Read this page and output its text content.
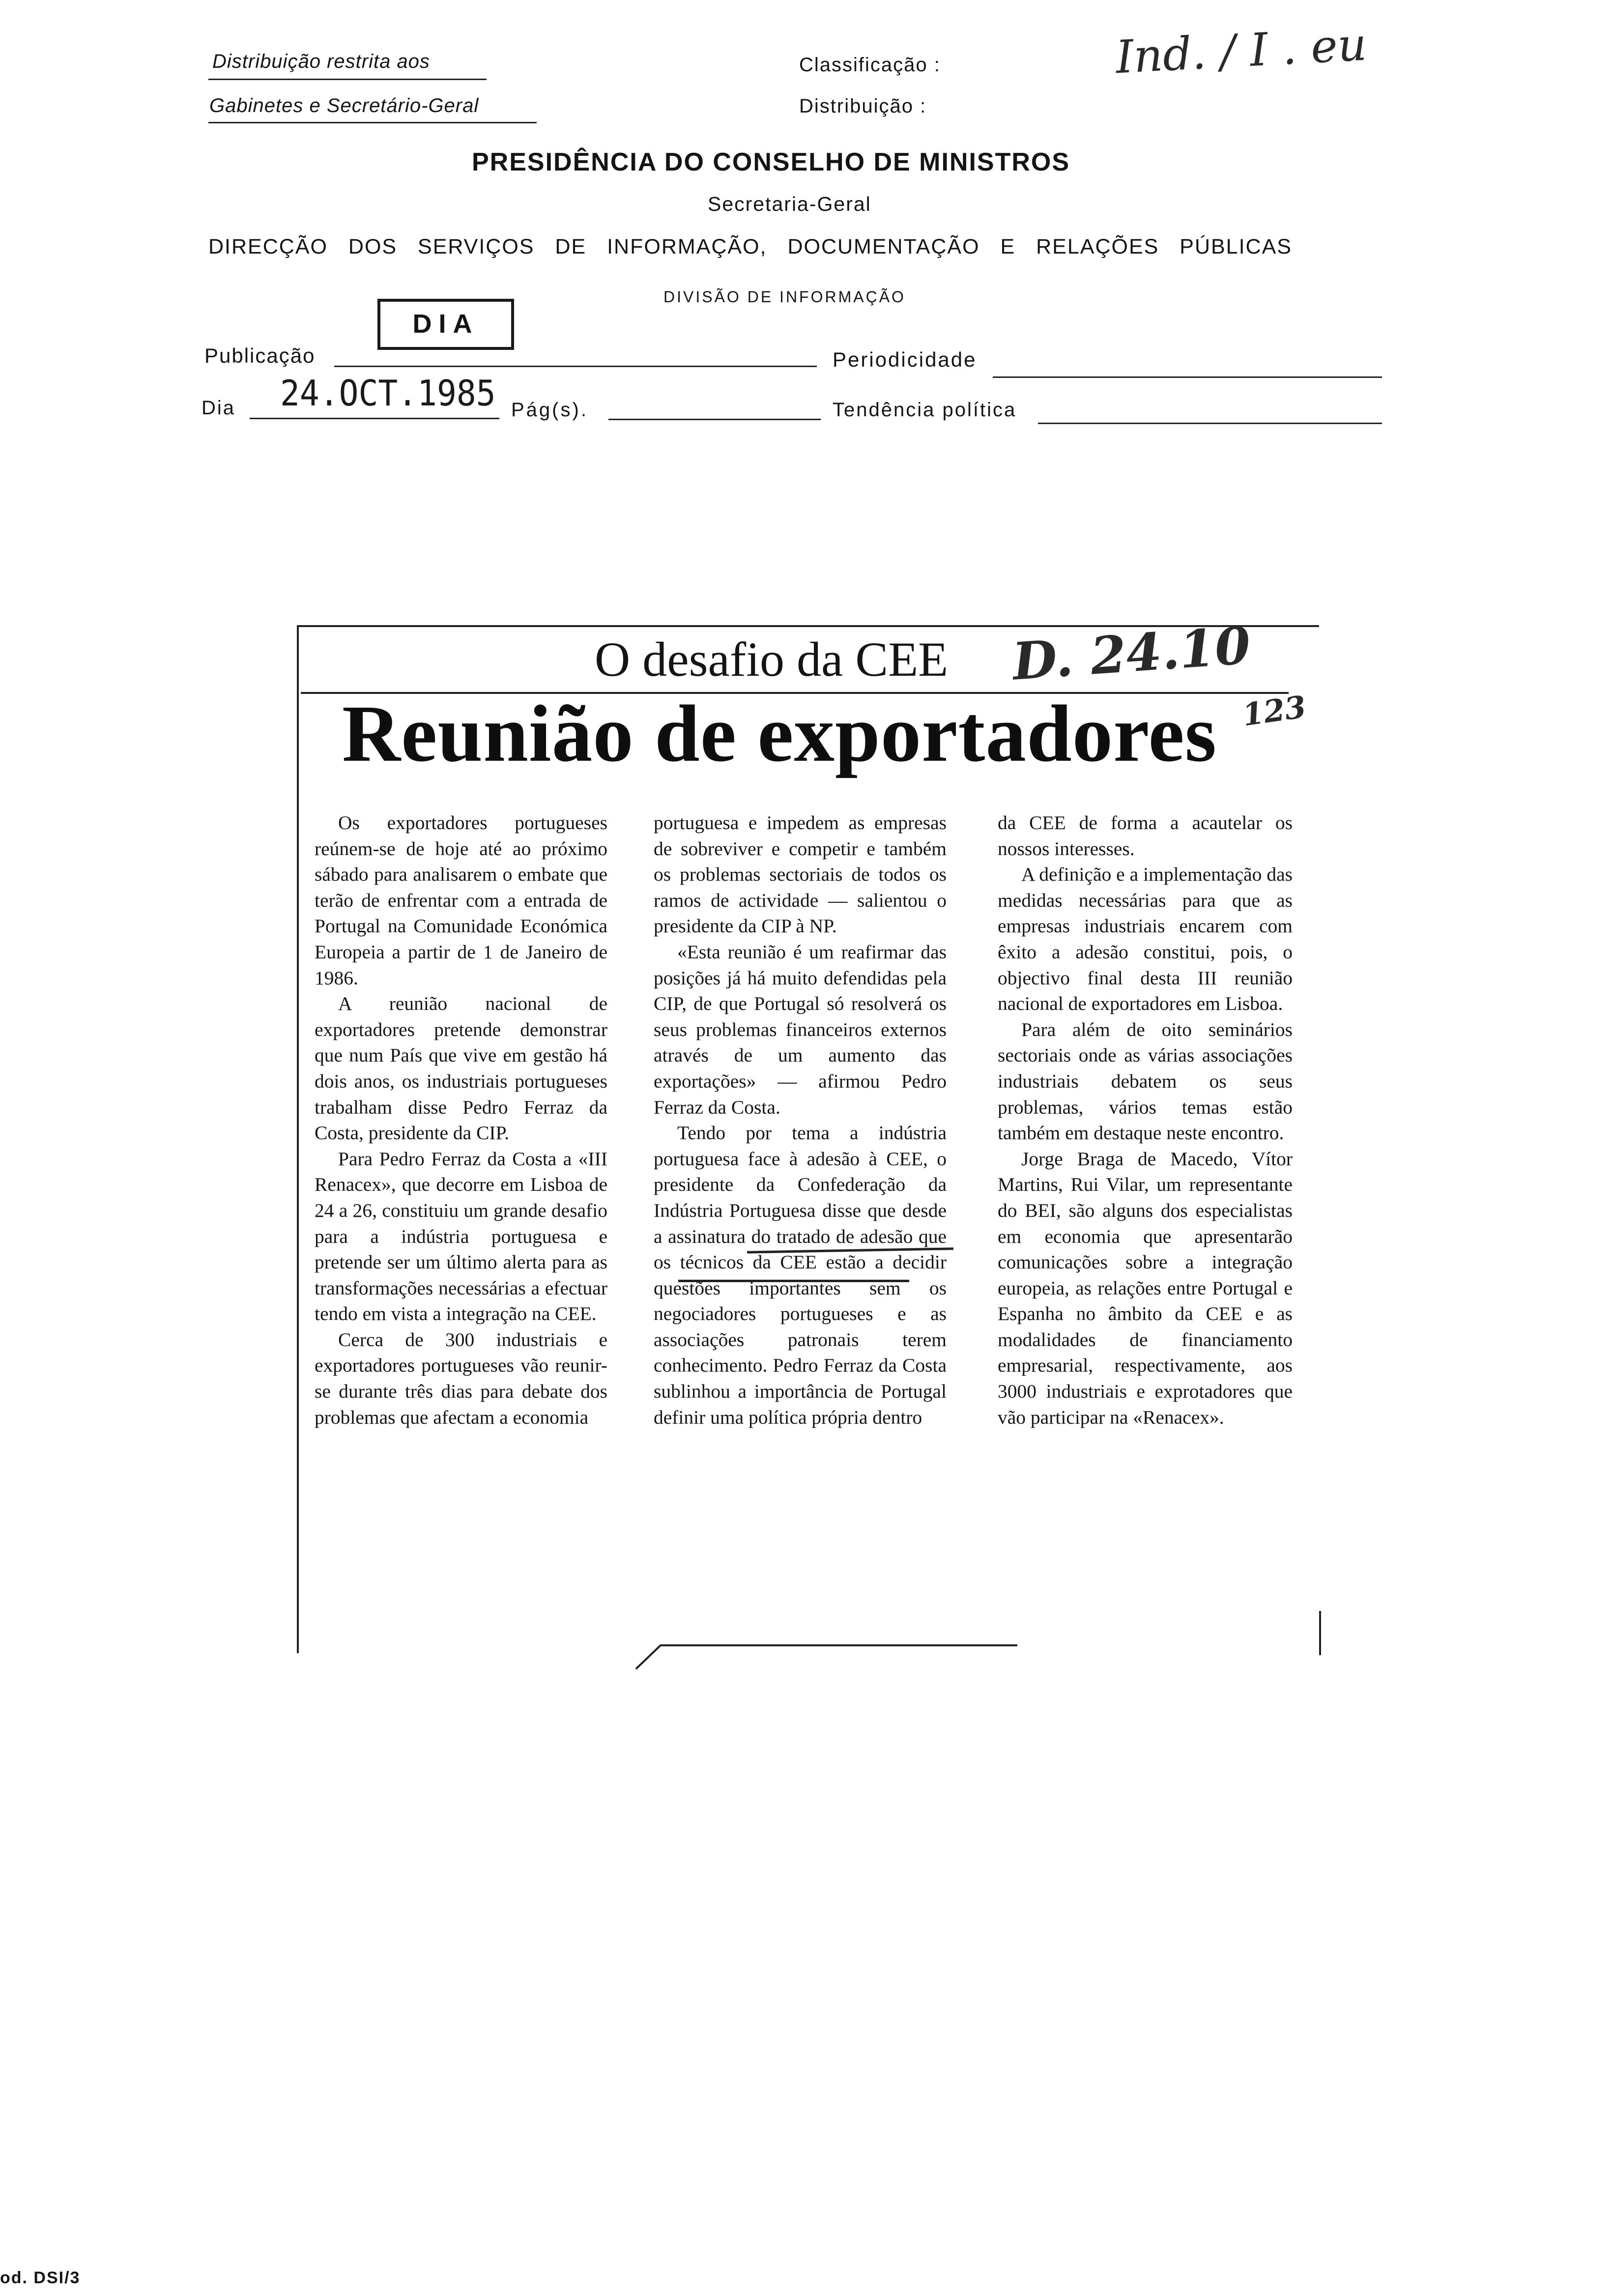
Distribuição restrita aos
Gabinetes e Secretário-Geral
Classificação :
Distribuição :
Ind. / I . eu
PRESIDÊNCIA DO CONSELHO DE MINISTROS
Secretaria-Geral
DIRECÇÃO DOS SERVIÇOS DE INFORMAÇÃO, DOCUMENTAÇÃO E RELAÇÕES PÚBLICAS
DIVISÃO DE INFORMAÇÃO
DIA
Publicação	Periodicidade
Dia 24.OCT.1985 Pág(s).	Tendência política
O desafio da CEE
Reunião de exportadores
D. 24.10
123

Os exportadores portugueses reúnem-se de hoje até ao próximo sábado para analisarem o embate que terão de enfrentar com a entrada de Portugal na Comunidade Económica Europeia a partir de 1 de Janeiro de 1986.

A reunião nacional de exportadores pretende demonstrar que num País que vive em gestão há dois anos, os industriais portugueses trabalham disse Pedro Ferraz da Costa, presidente da CIP.

Para Pedro Ferraz da Costa a «III Renacex», que decorre em Lisboa de 24 a 26, constituiu um grande desafio para a indústria portuguesa e pretende ser um último alerta para as transformações necessárias a efectuar tendo em vista a integração na CEE.

Cerca de 300 industriais e exportadores portugueses vão reunir-se durante três dias para debate dos problemas que afectam a economia

portuguesa e impedem as empresas de sobreviver e competir e também os problemas sectoriais de todos os ramos de actividade — salientou o presidente da CIP à NP.

«Esta reunião é um reafirmar das posições já há muito defendidas pela CIP, de que Portugal só resolverá os seus problemas financeiros externos através de um aumento das exportações» — afirmou Pedro Ferraz da Costa.

Tendo por tema a indústria portuguesa face à adesão à CEE, o presidente da Confederação da Indústria Portuguesa disse que desde a assinatura do tratado de adesão que os técnicos da CEE estão a decidir questões importantes sem os negociadores portugueses e as associações patronais terem conhecimento. Pedro Ferraz da Costa sublinhou a importância de Portugal definir uma política própria dentro

da CEE de forma a acautelar os nossos interesses.

A definição e a implementação das medidas necessárias para que as empresas industriais encarem com êxito a adesão constitui, pois, o objectivo final desta III reunião nacional de exportadores em Lisboa.

Para além de oito seminários sectoriais onde as várias associações industriais debatem os seus problemas, vários temas estão também em destaque neste encontro.

Jorge Braga de Macedo, Vítor Martins, Rui Vilar, um representante do BEI, são alguns dos especialistas em economia que apresentarão comunicações sobre a integração europeia, as relações entre Portugal e Espanha no âmbito da CEE e as modalidades de financiamento empresarial, respectivamente, aos 3000 industriais e exprotadores que vão participar na «Renacex».

od. DSI/3
